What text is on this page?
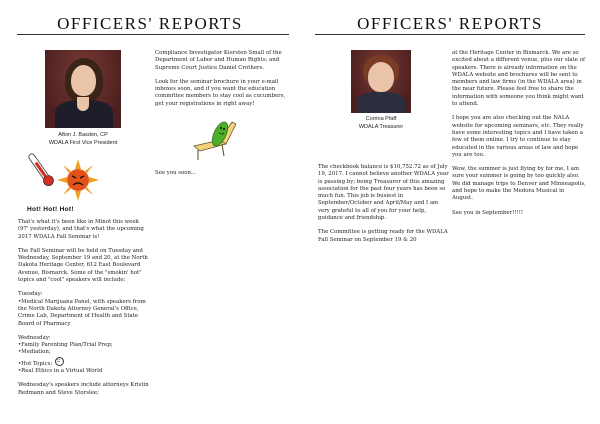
OFFICERS' REPORTS
Afton J. Basden, CP
WDALA First Vice President
Hot! Hot! Hot!

That's what it's been like in Minot this week (97' yesterday), and that's what the upcoming 2017 WDALA Fall Seminar is!

The Fall Seminar will be held on Tuesday and Wednesday, September 19 and 20, at the North Dakota Heritage Center, 612 East Boulevard Avenue, Bismarck. Some of the "smokin' hot" topics and "cool" speakers will include:

Tuesday:

•Medical Marijuana Panel, with speakers from the North Dakota Attorney General's Office, Crime Lab, Department of Health and State Board of Pharmacy

Wednesday:
•Family Parenting Plan/Trial Prep;
•Mediation;
•Hot Topics;

•Real Ethics in a Virtual World

Wednesday's speakers include attorneys Kristin Redmann and Steve Storslee;

Compliance Investigator Kiersten Small of the Department of Labor and Human Rights; and Supreme Court Justice Daniel Crothers.

Look for the seminar brochure in your e-mail inboxes soon, and if you want the education committee members to stay cool as cucumbers, get your registrations in right away!

See you soon...

OFFICERS' REPORTS
Corrina Pfaff
WDALA Treasurer

The checkbook balance is $10,752.72 as of July 19, 2017. I cannot believe another WDALA year is passing by; being Treasurer of this amazing association for the past four years has been so much fun. This job is busiest in September/October and April/May and I am very grateful to all of you for your help, guidance and friendship.

The Committee is getting ready for the WDALA Fall Seminar on September 19 & 20

at the Heritage Center in Bismarck. We are so excited about a different venue, plus our slate of speakers. There is already information on the WDALA website and brochures will be sent to members and law firms (in the WDALA area) in the near future. Please feel free to share the information with someone you think might want to attend.

I hope you are also checking out the NALA website for upcoming seminars, etc. They really have some interesting topics and I have taken a few of them online. I try to continue to stay educated in the various areas of law and hope you are too.

Wow, the summer is just flying by for me, I am sure your summer is going by too quickly also. We did manage trips to Denver and Minneapolis, and hope to make the Medora Musical in August.

See you in September!!!!!
